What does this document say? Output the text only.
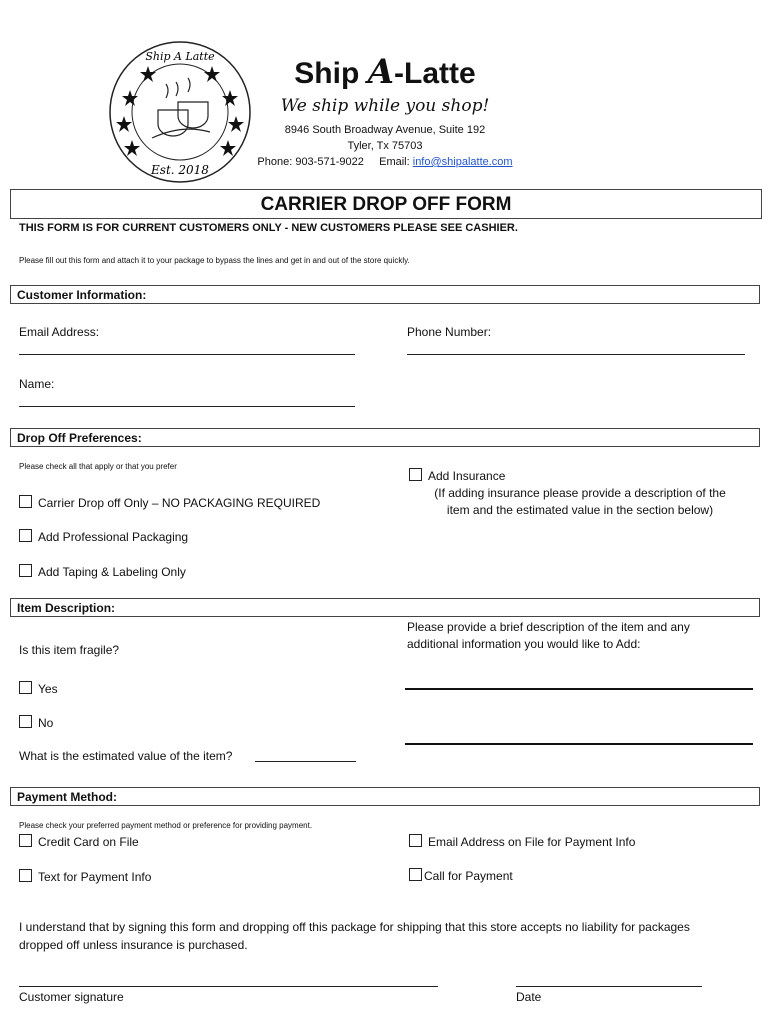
Ship A Latte
Est. 2018
Ship A-Latte
We ship while you shop!
8946 South Broadway Avenue, Suite 192
Tyler, Tx 75703
Phone: 903-571-9022 Email: info@shipalatte.com
CARRIER DROP OFF FORM
THIS FORM IS FOR CURRENT CUSTOMERS ONLY - NEW CUSTOMERS PLEASE SEE CASHIER.
Please fill out this form and attach it to your package to bypass the lines and get in and out of the store quickly.
Customer Information:
Email Address:	Phone Number:
Name:
Drop Off Preferences:
Please check all that apply or that you prefer
Carrier Drop off Only – NO PACKAGING REQUIRED
Add Professional Packaging
Add Taping & Labeling Only
Add Insurance
(If adding insurance please provide a description of the
item and the estimated value in the section below)
Item Description:
Is this item fragile?
Yes
No
What is the estimated value of the item?
Please provide a brief description of the item and any
additional information you would like to Add:
Payment Method:
Please check your preferred payment method or preference for providing payment.
Credit Card on File
Text for Payment Info
Email Address on File for Payment Info
Call for Payment
I understand that by signing this form and dropping off this package for shipping that this store accepts no liability for packages
dropped off unless insurance is purchased.
Customer signature	Date
